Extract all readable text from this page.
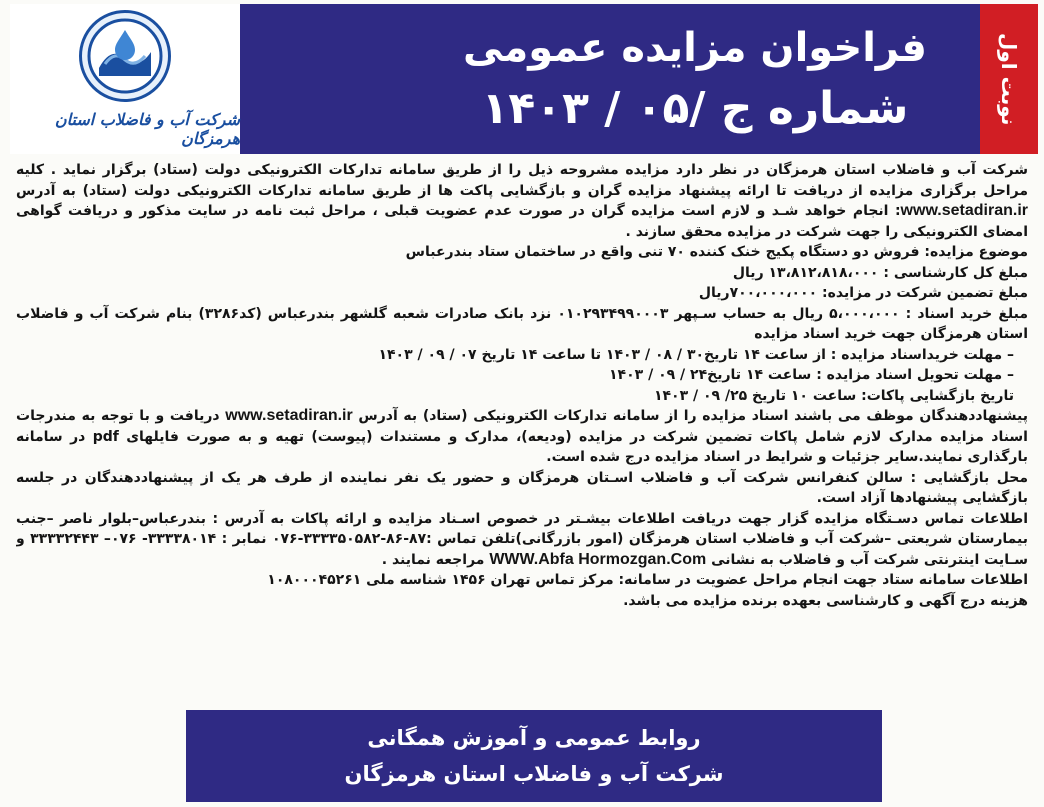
نوبت اول
فراخوان مزایده عمومی
شماره ج /۰۵ / ۱۴۰۳
شرکت آب و فاضلاب استان هرمزگان

شرکت آب و فاضلاب استان هرمزگان در نظر دارد مزایده مشروحه ذیل را از طریق سامانه تدارکات الکترونیکی دولت (ستاد) برگزار نماید . کلیه مراحل برگزاری مزایده از دریافت تا ارائه پیشنهاد مزایده گران و بازگشایی پاکت ها از طریق سامانه تدارکات الکترونیکی دولت (ستاد) به آدرس www.setadiran.ir: انجام خواهد شـد و لازم است مزایده گران در صورت عدم عضویت قبلی ، مراحل ثبت نامه در سایت مذکور و دریافت گواهی امضای الکترونیکی را جهت شرکت در مزایده محقق سازند .

موضوع مزایده: فروش دو دستگاه پکیج خنک کننده ۷۰ تنی واقع در ساختمان ستاد بندرعباس

مبلغ کل کارشناسی : ۱۳،۸۱۲،۸۱۸،۰۰۰ ریال

مبلغ تضمین شرکت در مزایده: ۷۰۰،۰۰۰،۰۰۰ریال

مبلغ خرید اسناد : ۵،۰۰۰،۰۰۰ ریال به حساب سـپهر ۰۱۰۲۹۳۴۹۹۰۰۰۳ نزد بانک صادرات شعبه گلشهر بندرعباس (کد۳۲۸۶) بنام شرکت آب و فاضلاب استان هرمزگان جهت خرید اسناد مزایده

– مهلت خریداسناد مزایده : از ساعت ۱۴ تاریخ۳۰ / ۰۸ / ۱۴۰۳ تا ساعت ۱۴ تاریخ ۰۷ / ۰۹ / ۱۴۰۳

– مهلت تحویل اسناد مزایده : ساعت ۱۴ تاریخ۲۴ / ۰۹ / ۱۴۰۳

تاریخ بازگشایی پاکات: ساعت ۱۰ تاریخ ۲۵/ ۰۹ / ۱۴۰۳

پیشنهاددهندگان موظف می باشند اسناد مزایده را از سامانه تدارکات الکترونیکی (ستاد) به آدرس www.setadiran.ir دریافت و با توجه به مندرجات اسناد مزایده مدارک لازم شامل پاکات تضمین شرکت در مزایده (ودیعه)، مدارک و مستندات (پیوست) تهیه و به صورت فایلهای pdf در سامانه بارگذاری نمایند.سایر جزئیات و شرایط در اسناد مزایده درج شده است.

محل بازگشایی : سالن کنفرانس شرکت آب و فاضلاب اسـتان هرمزگان و حضور یک نفر نماینده از طرف هر یک از پیشنهاددهندگان در جلسه بازگشایی پیشنهادها آزاد است.

اطلاعات تماس دسـتگاه مزایده گزار جهت دریافت اطلاعات بیشـتر در خصوص اسـناد مزایده و ارائه پاکات به آدرس : بندرعباس–بلوار ناصر –جنب بیمارستان شریعتی –شرکت آب و فاضلاب استان هرمزگان (امور بازرگانی)تلفن تماس :۸۷-۸۶-۳۳۳۳۵۰۵۸۲-۰۷۶ نمابر : ۳۳۳۳۸۰۱۴- ۰۷۶– ۳۳۳۳۲۴۴۳ و سـایت اینترنتی شرکت آب و فاضلاب به نشانی WWW.Abfa Hormozgan.Com مراجعه نمایند .

اطلاعات سامانه ستاد جهت انجام مراحل عضویت در سامانه: مرکز تماس تهران ۱۴۵۶ شناسه ملی ۱۰۸۰۰۰۴۵۲۶۱

هزینه درج آگهی و کارشناسی بعهده برنده مزایده می باشد.

روابط عمومی و آموزش همگانی
شرکت آب و فاضلاب استان هرمزگان
